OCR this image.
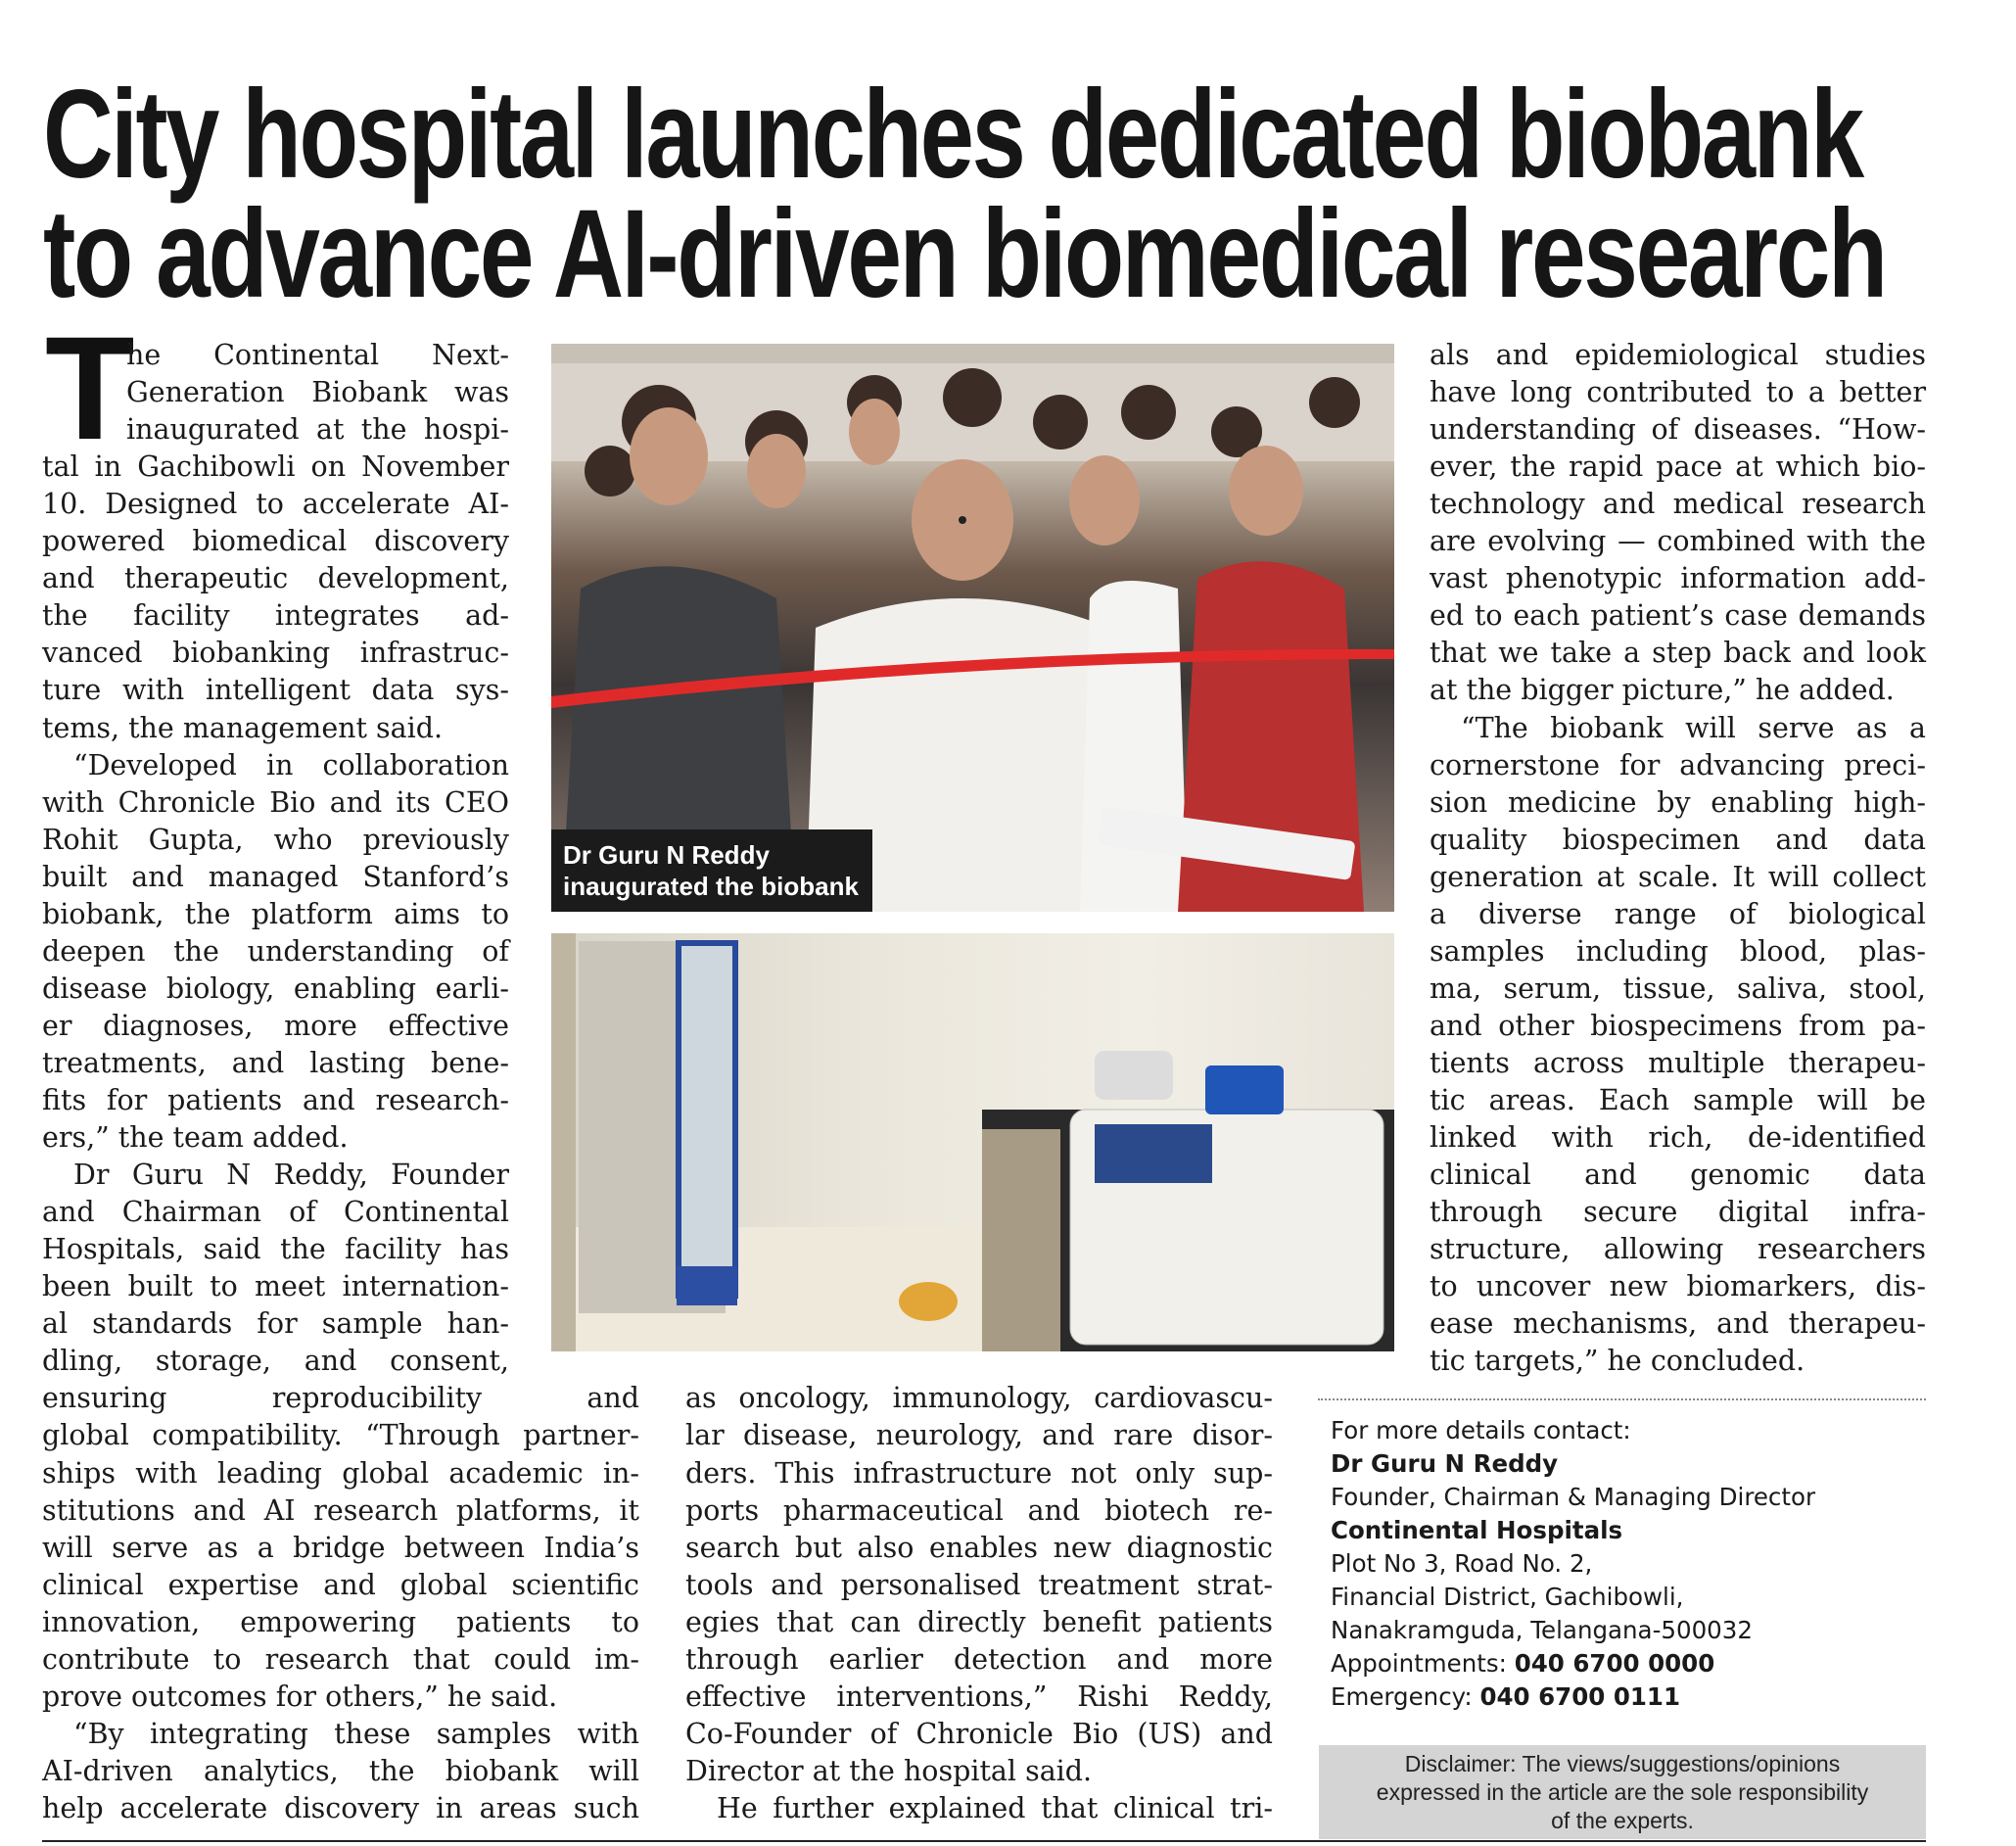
City hospital launches dedicated biobank
to advance AI-driven biomedical research
T
he Continental Next-
Generation Biobank was
inaugurated at the hospi-
tal in Gachibowli on November
10. Designed to accelerate AI-
powered biomedical discovery
and therapeutic development,
the facility integrates ad-
vanced biobanking infrastruc-
ture with intelligent data sys-
tems, the management said.
“Developed in collaboration
with Chronicle Bio and its CEO
Rohit Gupta, who previously
built and managed Stanford’s
biobank, the platform aims to
deepen the understanding of
disease biology, enabling earli-
er diagnoses, more effective
treatments, and lasting bene-
fits for patients and research-
ers,” the team added.
Dr Guru N Reddy, Founder
and Chairman of Continental
Hospitals, said the facility has
been built to meet internation-
al standards for sample han-
dling, storage, and consent,
ensuring reproducibility and
global compatibility. “Through partner-
ships with leading global academic in-
stitutions and AI research platforms, it
will serve as a bridge between India’s
clinical expertise and global scientific
innovation, empowering patients to
contribute to research that could im-
prove outcomes for others,” he said.
“By integrating these samples with
AI-driven analytics, the biobank will
help accelerate discovery in areas such
as oncology, immunology, cardiovascu-
lar disease, neurology, and rare disor-
ders. This infrastructure not only sup-
ports pharmaceutical and biotech re-
search but also enables new diagnostic
tools and personalised treatment strat-
egies that can directly benefit patients
through earlier detection and more
effective interventions,” Rishi Reddy,
Co-Founder of Chronicle Bio (US) and
Director at the hospital said.
He further explained that clinical tri-
als and epidemiological studies
have long contributed to a better
understanding of diseases. “How-
ever, the rapid pace at which bio-
technology and medical research
are evolving — combined with the
vast phenotypic information add-
ed to each patient’s case demands
that we take a step back and look
at the bigger picture,” he added.
“The biobank will serve as a
cornerstone for advancing preci-
sion medicine by enabling high-
quality biospecimen and data
generation at scale. It will collect
a diverse range of biological
samples including blood, plas-
ma, serum, tissue, saliva, stool,
and other biospecimens from pa-
tients across multiple therapeu-
tic areas. Each sample will be
linked with rich, de-identified
clinical and genomic data
through secure digital infra-
structure, allowing researchers
to uncover new biomarkers, dis-
ease mechanisms, and therapeu-
tic targets,” he concluded.
Dr Guru N Reddy
inaugurated the biobank
For more details contact:
Dr Guru N Reddy
Founder, Chairman & Managing Director
Continental Hospitals
Plot No 3, Road No. 2,
Financial District, Gachibowli,
Nanakramguda, Telangana-500032
Appointments: 040 6700 0000
Emergency: 040 6700 0111
Disclaimer: The views/suggestions/opinions
expressed in the article are the sole responsibility
of the experts.
